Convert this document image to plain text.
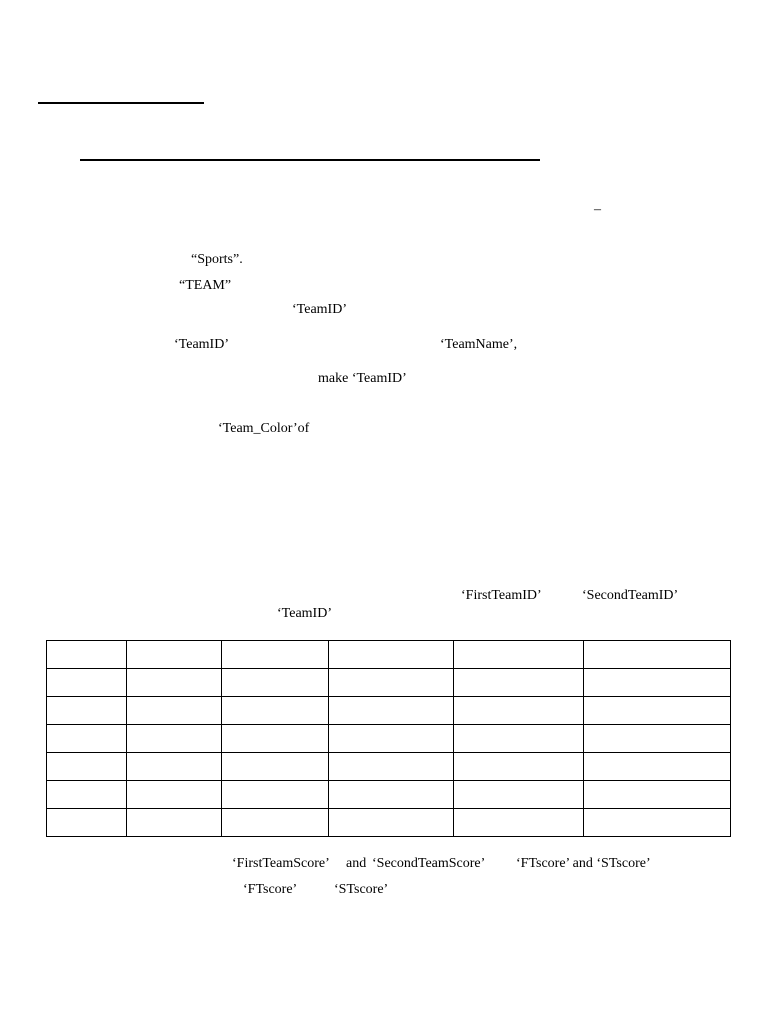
–
“Sports”.
“TEAM”
‘TeamID’
‘TeamID’	‘TeamName’,
make ‘TeamID’
‘Team_Color’of
‘FirstTeamID’	‘SecondTeamID’
‘TeamID’

‘FirstTeamScore’ and ‘SecondTeamScore’ ‘FTscore’ and ‘STscore’
‘FTscore’	‘STscore’
